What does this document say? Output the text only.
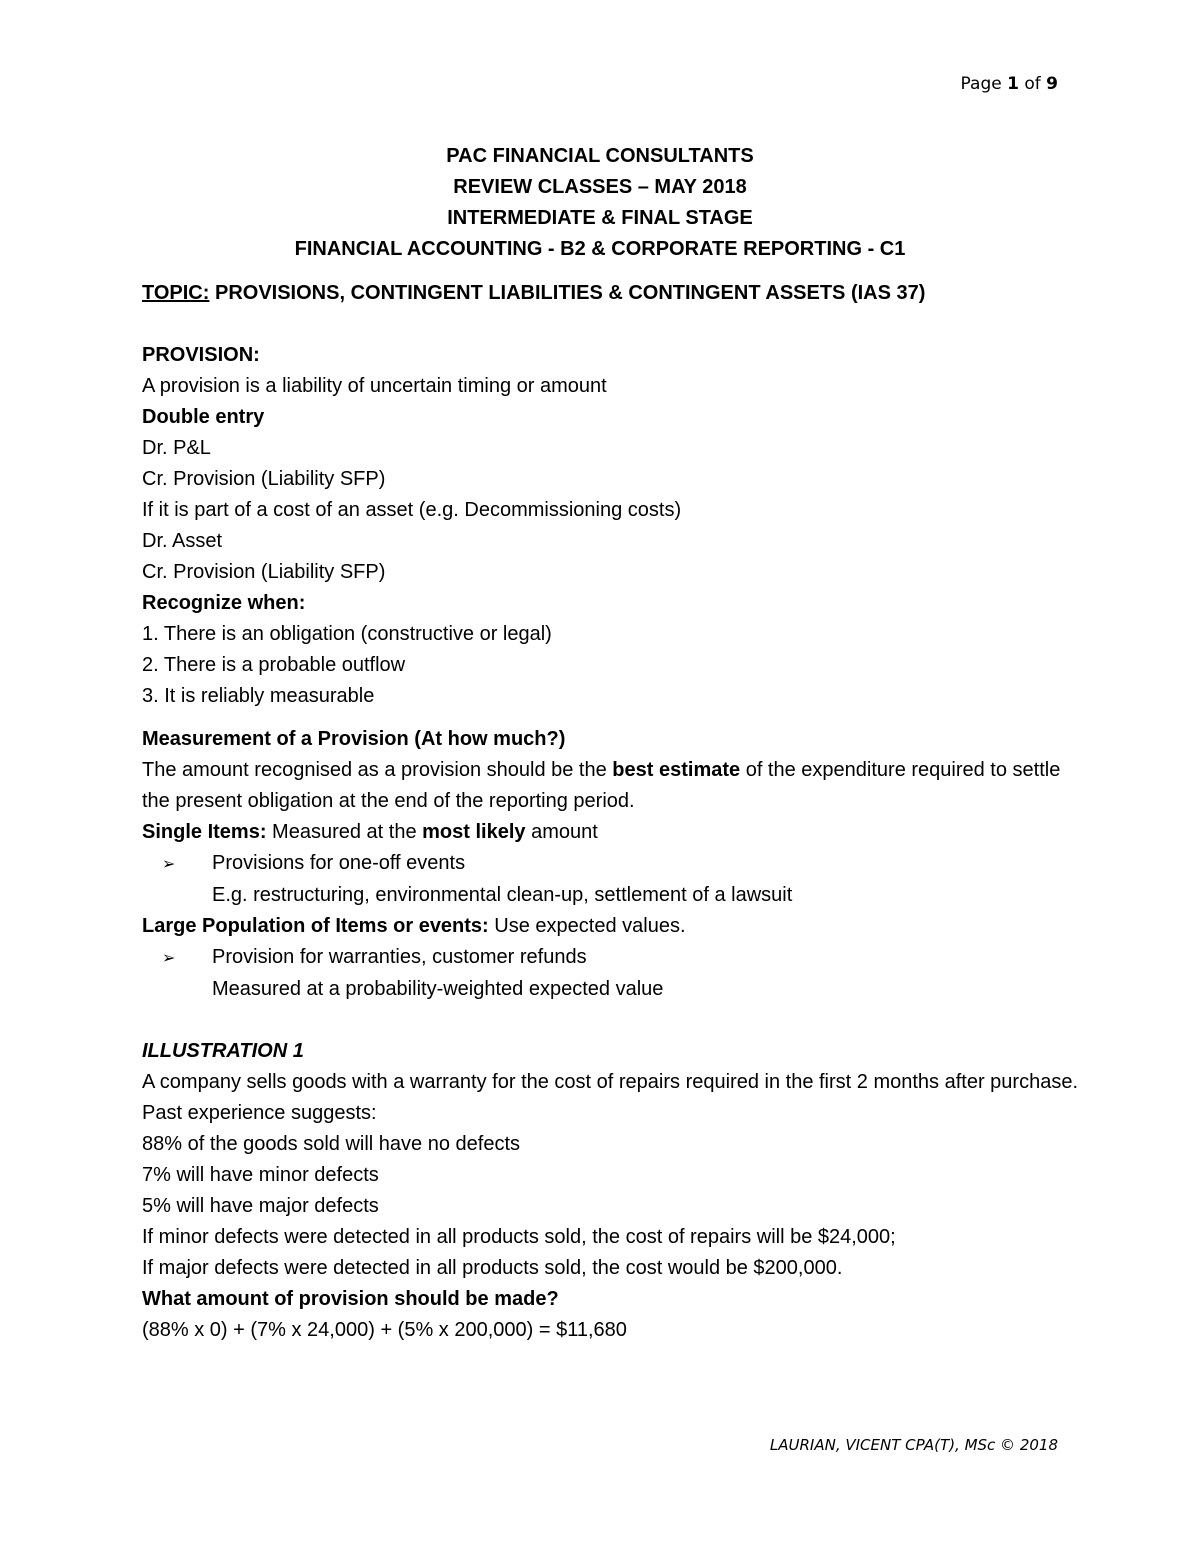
Page 1 of 9
PAC FINANCIAL CONSULTANTS
REVIEW CLASSES – MAY 2018
INTERMEDIATE & FINAL STAGE
FINANCIAL ACCOUNTING - B2 & CORPORATE REPORTING - C1
TOPIC: PROVISIONS, CONTINGENT LIABILITIES & CONTINGENT ASSETS (IAS 37)
PROVISION:
A provision is a liability of uncertain timing or amount
Double entry
Dr. P&L
Cr. Provision (Liability SFP)
If it is part of a cost of an asset (e.g. Decommissioning costs)
Dr. Asset
Cr. Provision (Liability SFP)
Recognize when:
1. There is an obligation (constructive or legal)
2. There is a probable outflow
3. It is reliably measurable
Measurement of a Provision (At how much?)
The amount recognised as a provision should be the best estimate of the expenditure required to settle
the present obligation at the end of the reporting period.
Single Items: Measured at the most likely amount
➢ Provisions for one-off events
E.g. restructuring, environmental clean-up, settlement of a lawsuit
Large Population of Items or events: Use expected values.
➢ Provision for warranties, customer refunds
Measured at a probability-weighted expected value
ILLUSTRATION 1
A company sells goods with a warranty for the cost of repairs required in the first 2 months after purchase.
Past experience suggests:
88% of the goods sold will have no defects
7% will have minor defects
5% will have major defects
If minor defects were detected in all products sold, the cost of repairs will be $24,000;
If major defects were detected in all products sold, the cost would be $200,000.
What amount of provision should be made?
(88% x 0) + (7% x 24,000) + (5% x 200,000) = $11,680
LAURIAN, VICENT CPA(T), MSc © 2018
